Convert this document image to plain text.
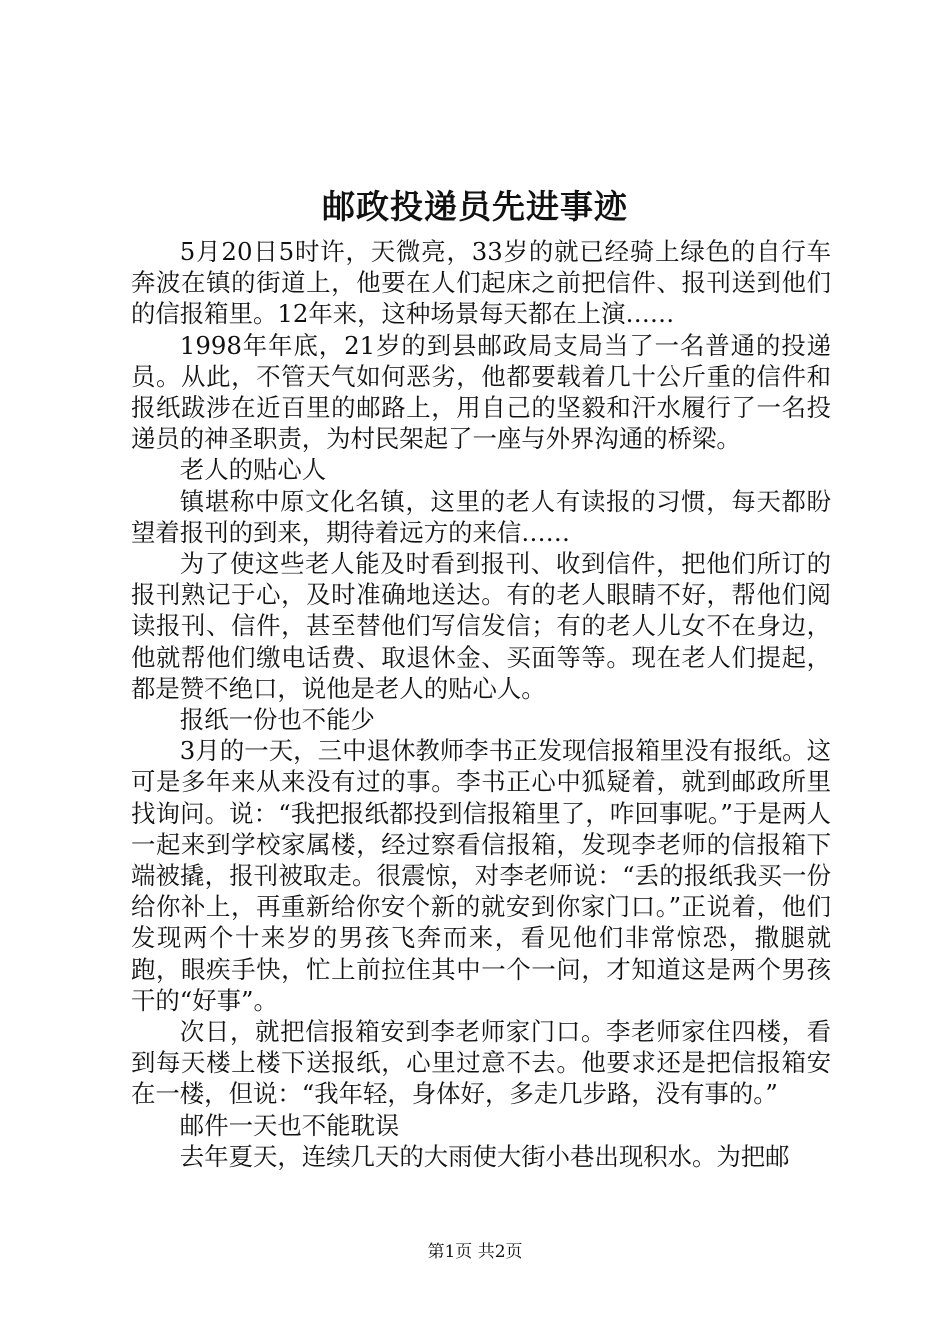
邮政投递员先进事迹

5月20日5时许，天微亮，33岁的就已经骑上绿色的自行车奔波在镇的街道上，他要在人们起床之前把信件、报刊送到他们的信报箱里。12年来，这种场景每天都在上演……

1998年年底，21岁的到县邮政局支局当了一名普通的投递员。从此，不管天气如何恶劣，他都要载着几十公斤重的信件和报纸跋涉在近百里的邮路上，用自己的坚毅和汗水履行了一名投递员的神圣职责，为村民架起了一座与外界沟通的桥梁。

老人的贴心人

镇堪称中原文化名镇，这里的老人有读报的习惯，每天都盼望着报刊的到来，期待着远方的来信……

为了使这些老人能及时看到报刊、收到信件，把他们所订的报刊熟记于心，及时准确地送达。有的老人眼睛不好，帮他们阅读报刊、信件，甚至替他们写信发信；有的老人儿女不在身边，他就帮他们缴电话费、取退休金、买面等等。现在老人们提起，都是赞不绝口，说他是老人的贴心人。

报纸一份也不能少

3月的一天，三中退休教师李书正发现信报箱里没有报纸。这可是多年来从来没有过的事。李书正心中狐疑着，就到邮政所里找询问。说：“我把报纸都投到信报箱里了，咋回事呢。”于是两人一起来到学校家属楼，经过察看信报箱，发现李老师的信报箱下端被撬，报刊被取走。很震惊，对李老师说：“丢的报纸我买一份给你补上，再重新给你安个新的就安到你家门口。”正说着，他们发现两个十来岁的男孩飞奔而来，看见他们非常惊恐，撒腿就跑，眼疾手快，忙上前拉住其中一个一问，才知道这是两个男孩干的“好事”。

次日，就把信报箱安到李老师家门口。李老师家住四楼，看到每天楼上楼下送报纸，心里过意不去。他要求还是把信报箱安在一楼，但说：“我年轻，身体好，多走几步路，没有事的。”

邮件一天也不能耽误

去年夏天，连续几天的大雨使大街小巷出现积水。为把邮

第1页 共2页
